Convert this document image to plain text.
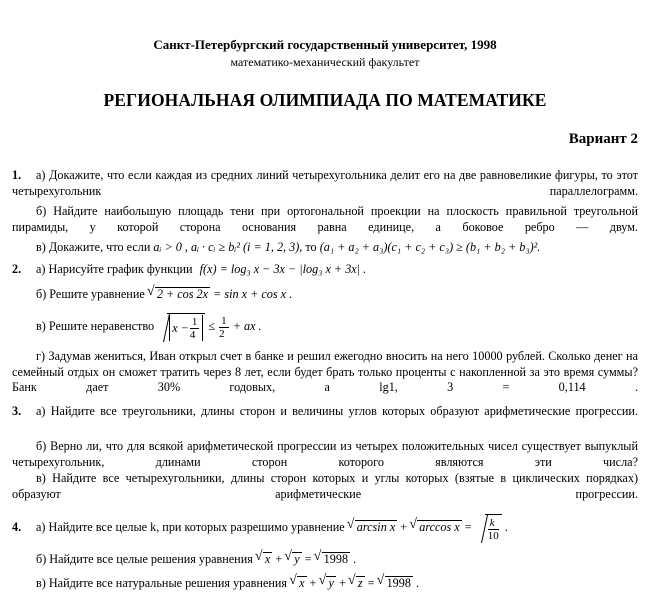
Санкт-Петербургский государственный университет, 1998
математико-механический факультет
РЕГИОНАЛЬНАЯ ОЛИМПИАДА ПО МАТЕМАТИКЕ
Вариант 2
1. а) Докажите, что если каждая из средних линий четырехугольника делит его на две равновеликие фигуры, то этот четырехугольник параллелограмм.
б) Найдите наибольшую площадь тени при ортогональной проекции на плоскость правильной треугольной пирамиды, у которой сторона основания равна единице, а боковое ребро — двум.
в) Докажите, что если aᵢ > 0 , aᵢ · cᵢ ≥ bᵢ² (i = 1, 2, 3), то (a₁ + a₂ + a₃)(c₁ + c₂ + c₃) ≥ (b₁ + b₂ + b₃)².
2. а) Нарисуйте график функции f(x) = log₃ x − 3x − |log₃ x + 3x| .
б) Решите уравнение √ 2 + cos 2x = sin x + cos x .
в) Решите неравенство $x - \frac{1}{4} \le \frac{1}{2}$ + ax .
г) Задумав жениться, Иван открыл счет в банке и решил ежегодно вносить на него 10000 рублей. Сколько денег на семейный отдых он сможет тратить через 8 лет, если будет брать только проценты с накопленной за это время суммы? Банк дает 30% годовых, а lg1, 3 = 0,114 .
3. а) Найдите все треугольники, длины сторон и величины углов которых образуют арифметические прогрессии.
б) Верно ли, что для всякой арифметической прогрессии из четырех положительных чисел существует выпуклый четырехугольник, длинами сторон которого являются эти числа?
в) Найдите все четырехугольники, длины сторон которых и углы которых (взятые в циклических порядках) образуют арифметические прогрессии.
4. а) Найдите все целые k, при которых разрешимо уравнение √ arcsin x + √ $\arccos x = \frac{k}{10}$ .
б) Найдите все целые решения уравнения √ x + √ y = √ 1998 .
в) Найдите все натуральные решения уравнения √ x + √ y + √ z = √ 1998 .
